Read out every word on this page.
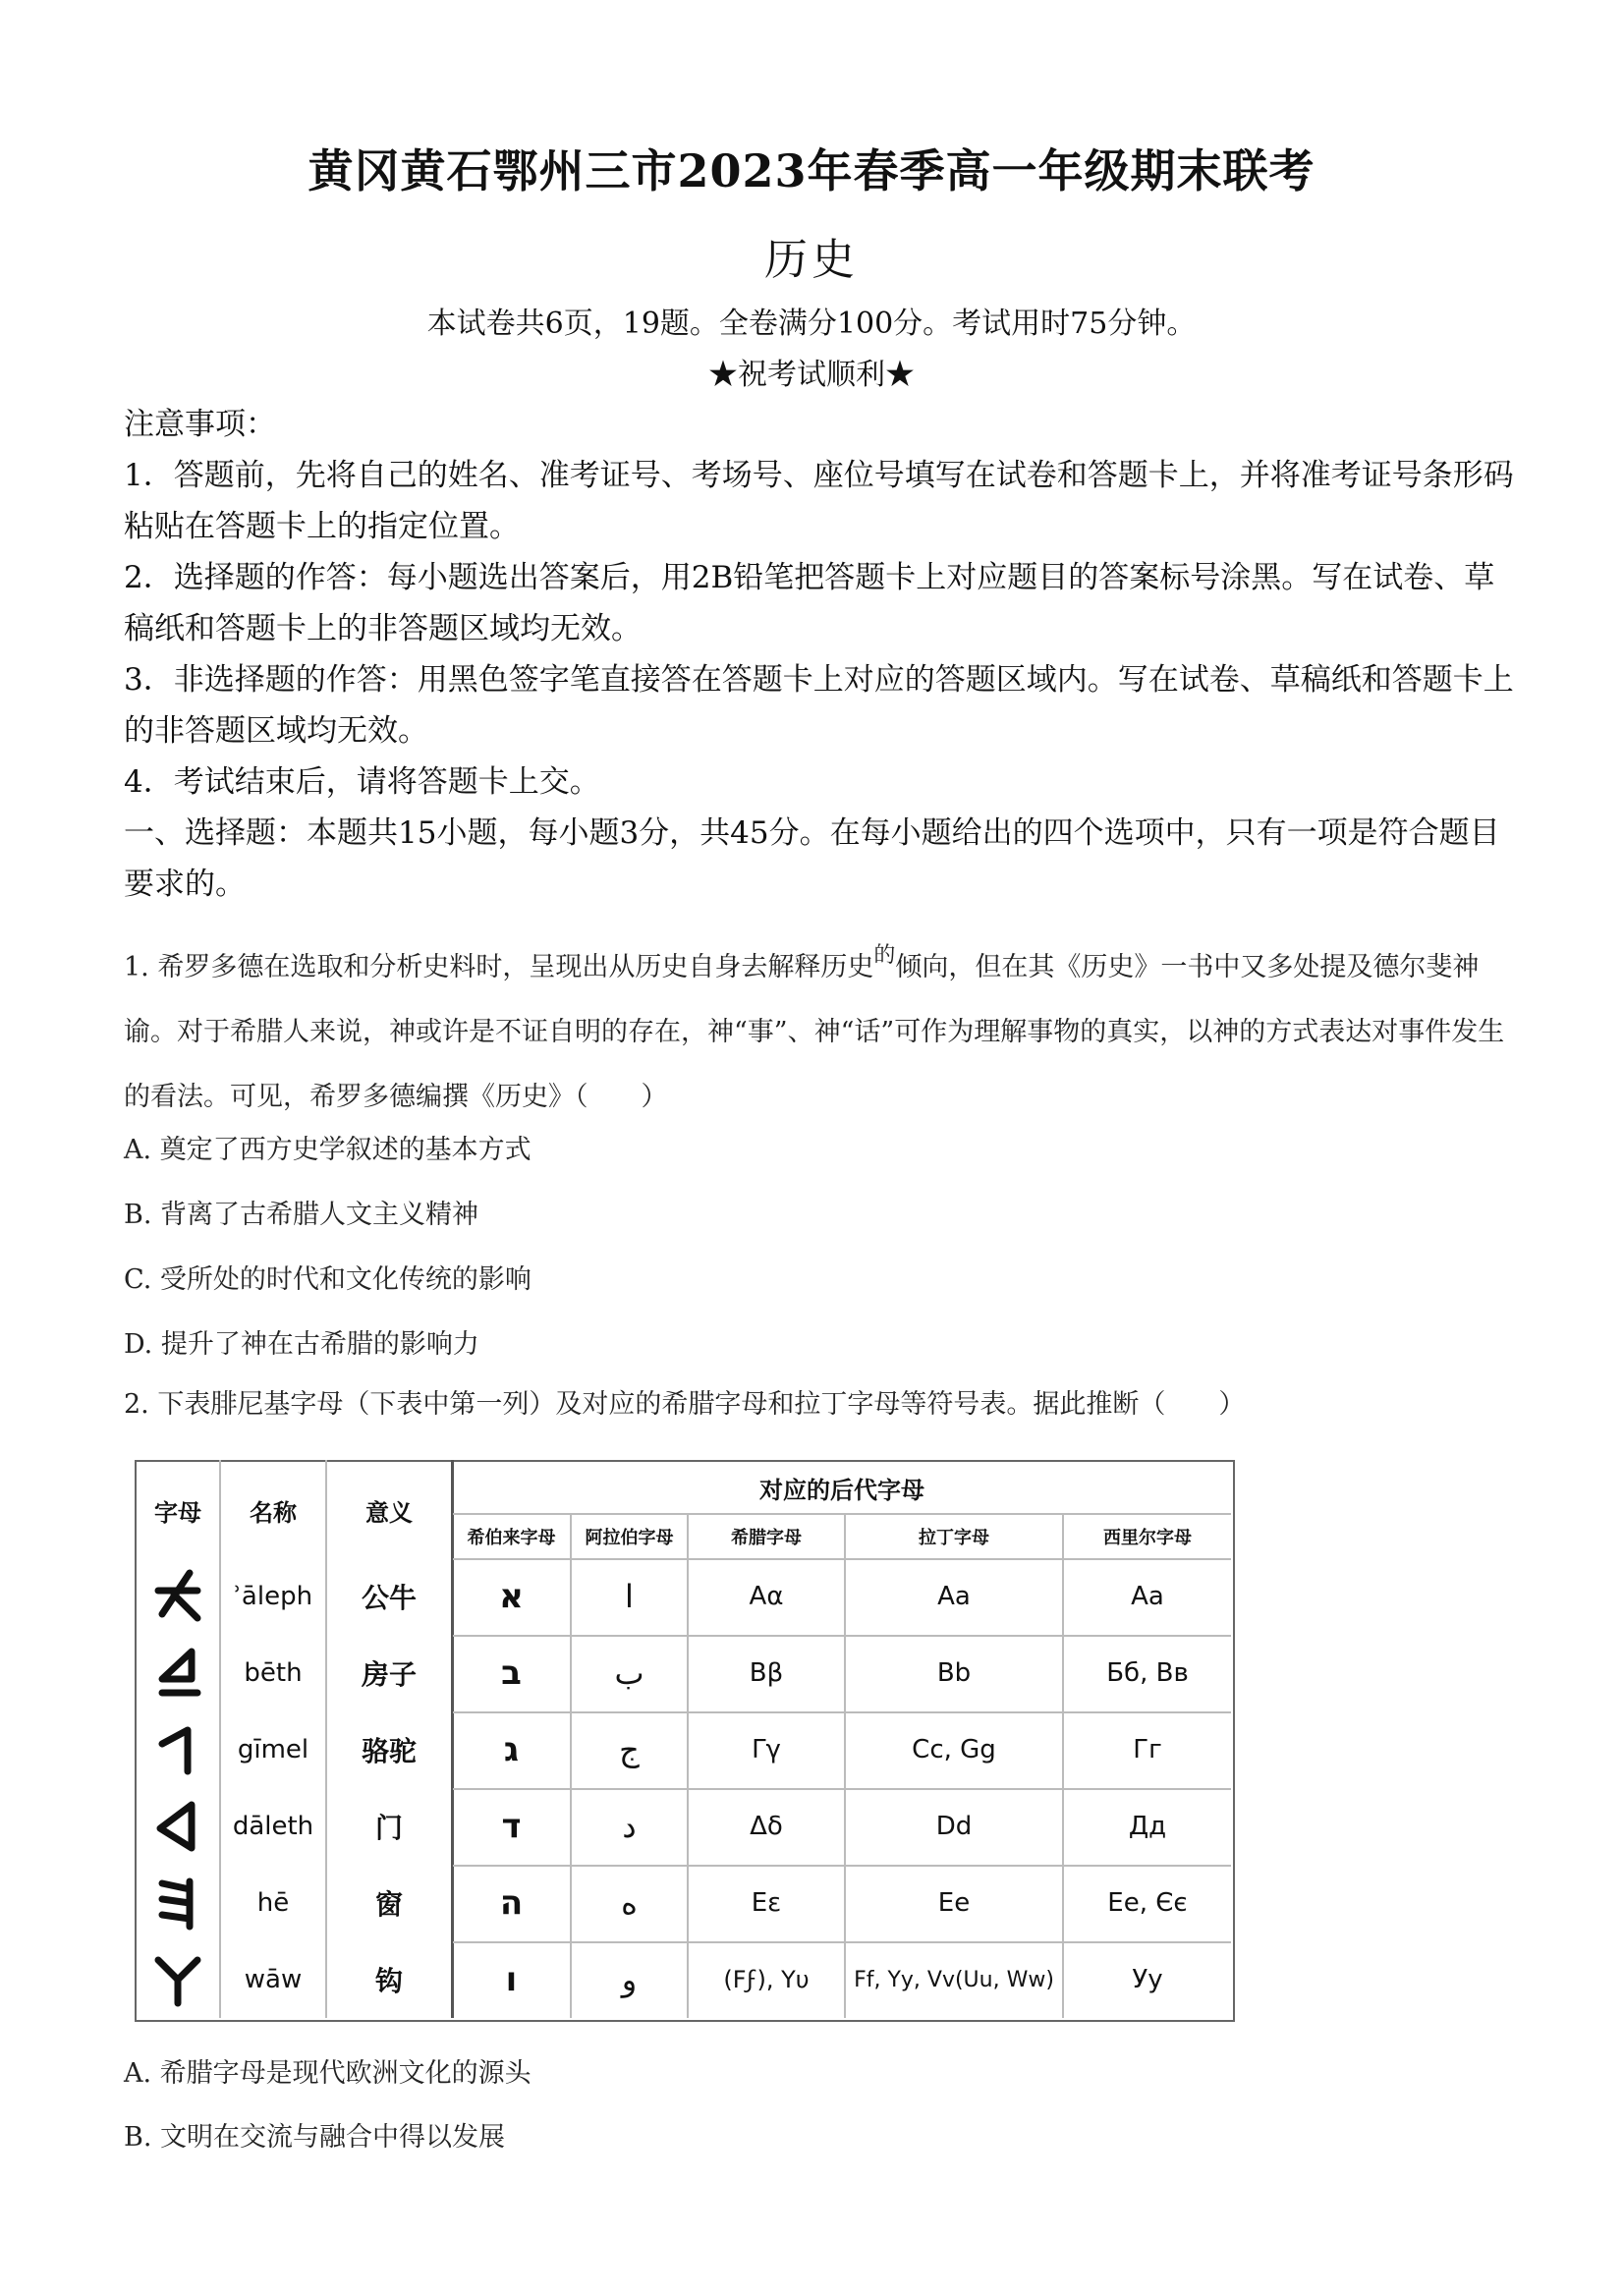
黄冈黄石鄂州三市2023年春季高一年级期末联考
历史
本试卷共6页，19题。全卷满分100分。考试用时75分钟。
★祝考试顺利★

注意事项：

1．答题前，先将自己的姓名、准考证号、考场号、座位号填写在试卷和答题卡上，并将准考证号条形码粘贴在答题卡上的指定位置。

2．选择题的作答：每小题选出答案后，用2B铅笔把答题卡上对应题目的答案标号涂黑。写在试卷、草稿纸和答题卡上的非答题区域均无效。

3．非选择题的作答：用黑色签字笔直接答在答题卡上对应的答题区域内。写在试卷、草稿纸和答题卡上的非答题区域均无效。

4．考试结束后，请将答题卡上交。

一、选择题：本题共15小题，每小题3分，共45分。在每小题给出的四个选项中，只有一项是符合题目要求的。

1. 希罗多德在选取和分析史料时，呈现出从历史自身去解释历史$^的$倾向，但在其《历史》一书中又多处提及德尔斐神谕。对于希腊人来说，神或许是不证自明的存在，神“事”、神“话”可作为理解事物的真实，以神的方式表达对事件发生的看法。可见，希罗多德编撰《历史》（　　）
A. 奠定了西方史学叙述的基本方式
B. 背离了古希腊人文主义精神
C. 受所处的时代和文化传统的影响
D. 提升了神在古希腊的影响力
2. 下表腓尼基字母（下表中第一列）及对应的希腊字母和拉丁字母等符号表。据此推断（　　）
字母	名称	意义
对应的后代字母
希伯来字母	阿拉伯字母	希腊字母	拉丁字母	西里尔字母
ʾāleph	公牛	א	ا	Αα	Aa	Aa
bēth	房子	ב	ب	Ββ	Bb	Бб, Вв
gīmel	骆驼	ג	ج	Γγ	Cc, Gg	Гг
dāleth	门	ד	د	Δδ	Dd	Дд
hē	窗	ה	ه	Εε	Ee	Ee, Єє
wāw	钩	ו	و	(Ϝϝ), Υυ	Ff, Yy, Vv(Uu, Ww)	Уу
A. 希腊字母是现代欧洲文化的源头
B. 文明在交流与融合中得以发展
